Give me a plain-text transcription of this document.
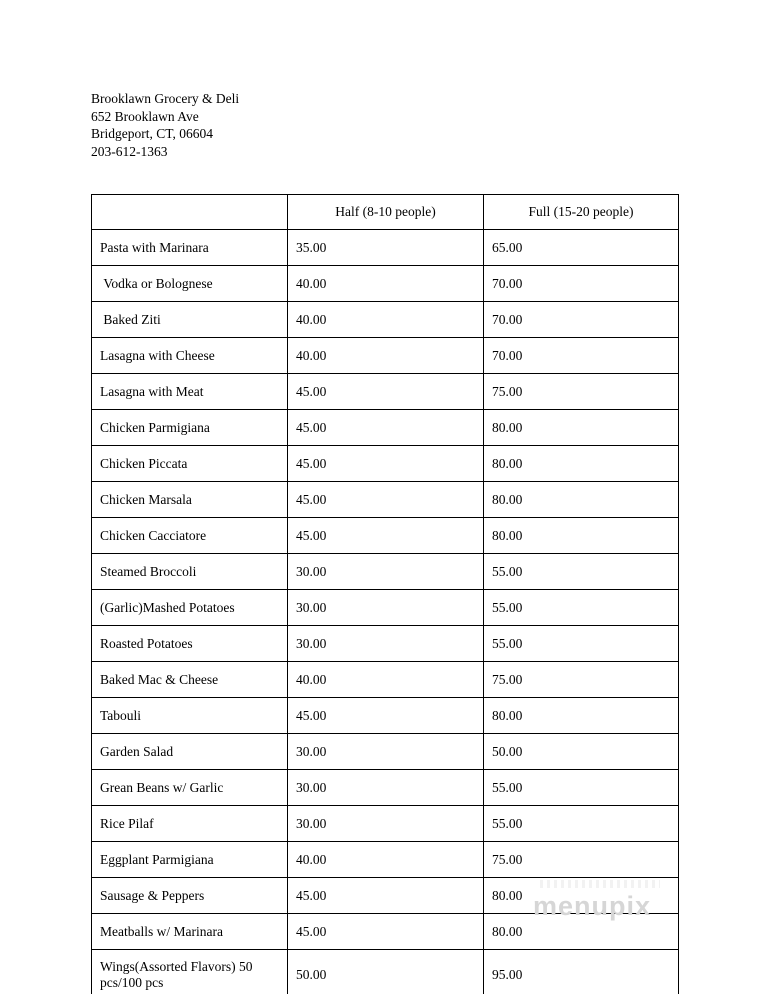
Brooklawn Grocery & Deli
652 Brooklawn Ave
Bridgeport, CT, 06604
203-612-1363
	Half (8-10 people)	Full (15-20 people)
Pasta with Marinara	35.00	65.00
Vodka or Bolognese	40.00	70.00
Baked Ziti	40.00	70.00
Lasagna with Cheese	40.00	70.00
Lasagna with Meat	45.00	75.00
Chicken Parmigiana	45.00	80.00
Chicken Piccata	45.00	80.00
Chicken Marsala	45.00	80.00
Chicken Cacciatore	45.00	80.00
Steamed Broccoli	30.00	55.00
(Garlic)Mashed Potatoes	30.00	55.00
Roasted Potatoes	30.00	55.00
Baked Mac & Cheese	40.00	75.00
Tabouli	45.00	80.00
Garden Salad	30.00	50.00
Grean Beans w/ Garlic	30.00	55.00
Rice Pilaf	30.00	55.00
Eggplant Parmigiana	40.00	75.00
Sausage & Peppers	45.00	80.00
Meatballs w/ Marinara	45.00	80.00
Wings(Assorted Flavors) 50 pcs/100 pcs	50.00	95.00
menupix
